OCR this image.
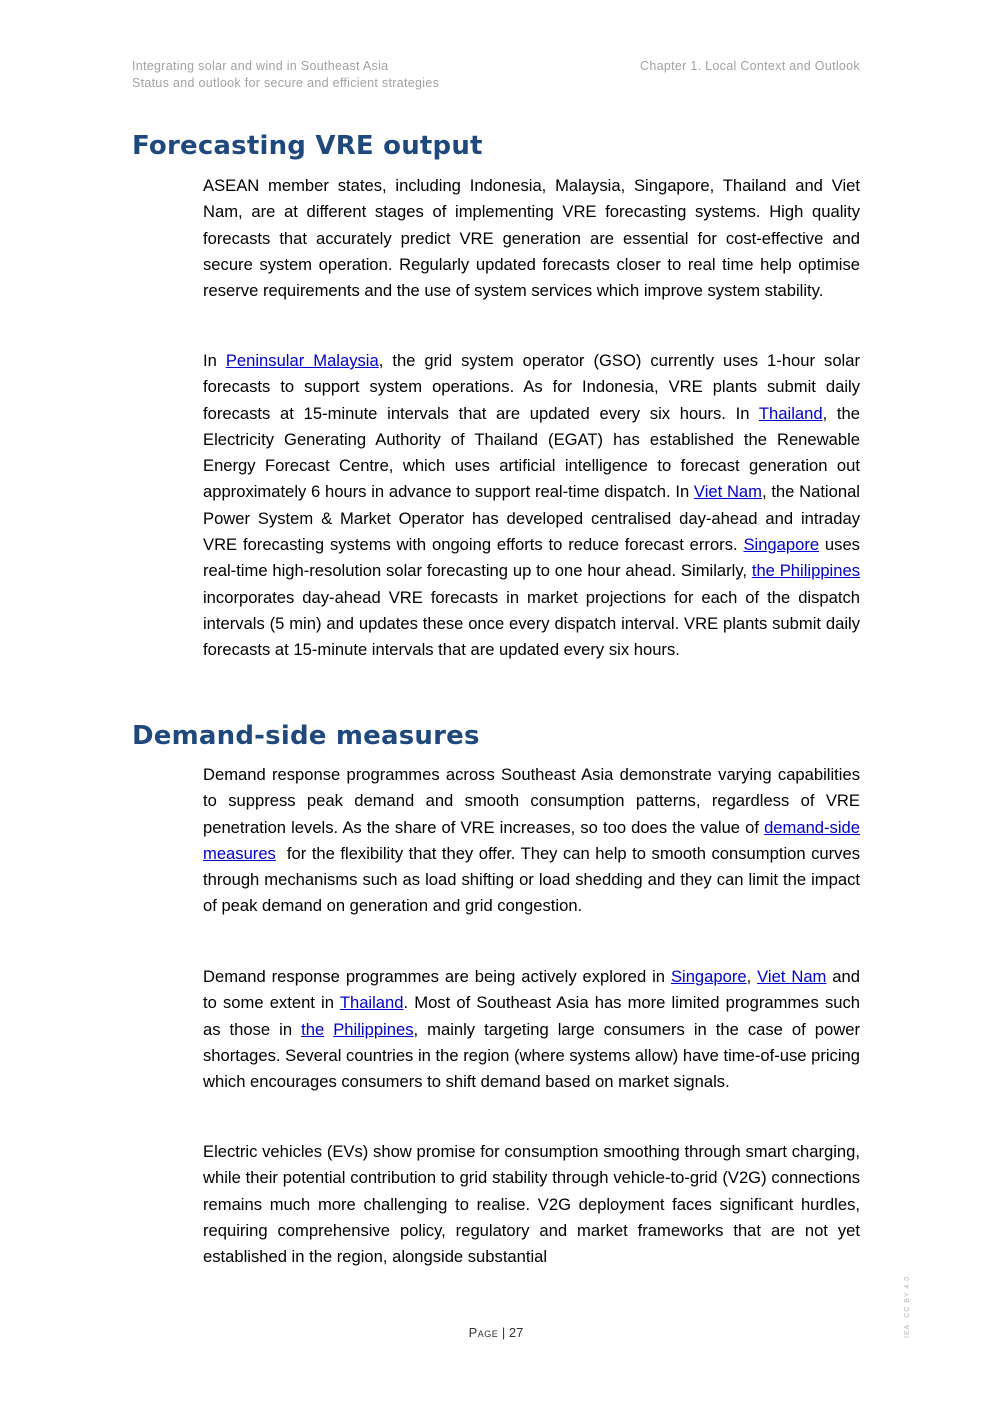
Integrating solar and wind in Southeast Asia
Status and outlook for secure and efficient strategies
Chapter 1. Local Context and Outlook
Forecasting VRE output

ASEAN member states, including Indonesia, Malaysia, Singapore, Thailand and Viet Nam, are at different stages of implementing VRE forecasting systems. High quality forecasts that accurately predict VRE generation are essential for cost-effective and secure system operation. Regularly updated forecasts closer to real time help optimise reserve requirements and the use of system services which improve system stability.

In Peninsular Malaysia, the grid system operator (GSO) currently uses 1-hour solar forecasts to support system operations. As for Indonesia, VRE plants submit daily forecasts at 15-minute intervals that are updated every six hours. In Thailand, the Electricity Generating Authority of Thailand (EGAT) has established the Renewable Energy Forecast Centre, which uses artificial intelligence to forecast generation out approximately 6 hours in advance to support real-time dispatch. In Viet Nam, the National Power System & Market Operator has developed centralised day-ahead and intraday VRE forecasting systems with ongoing efforts to reduce forecast errors. Singapore uses real-time high-resolution solar forecasting up to one hour ahead. Similarly, the Philippines incorporates day-ahead VRE forecasts in market projections for each of the dispatch intervals (5 min) and updates these once every dispatch interval. VRE plants submit daily forecasts at 15-minute intervals that are updated every six hours.

Demand-side measures

Demand response programmes across Southeast Asia demonstrate varying capabilities to suppress peak demand and smooth consumption patterns, regardless of VRE penetration levels. As the share of VRE increases, so too does the value of demand-side measures  for the flexibility that they offer. They can help to smooth consumption curves through mechanisms such as load shifting or load shedding and they can limit the impact of peak demand on generation and grid congestion.

Demand response programmes are being actively explored in Singapore, Viet Nam and to some extent in Thailand. Most of Southeast Asia has more limited programmes such as those in the Philippines, mainly targeting large consumers in the case of power shortages. Several countries in the region (where systems allow) have time-of-use pricing which encourages consumers to shift demand based on market signals.

Electric vehicles (EVs) show promise for consumption smoothing through smart charging, while their potential contribution to grid stability through vehicle-to-grid (V2G) connections remains much more challenging to realise. V2G deployment faces significant hurdles, requiring comprehensive policy, regulatory and market frameworks that are not yet established in the region, alongside substantial

Page | 27	IEA. CC BY 4.0.
